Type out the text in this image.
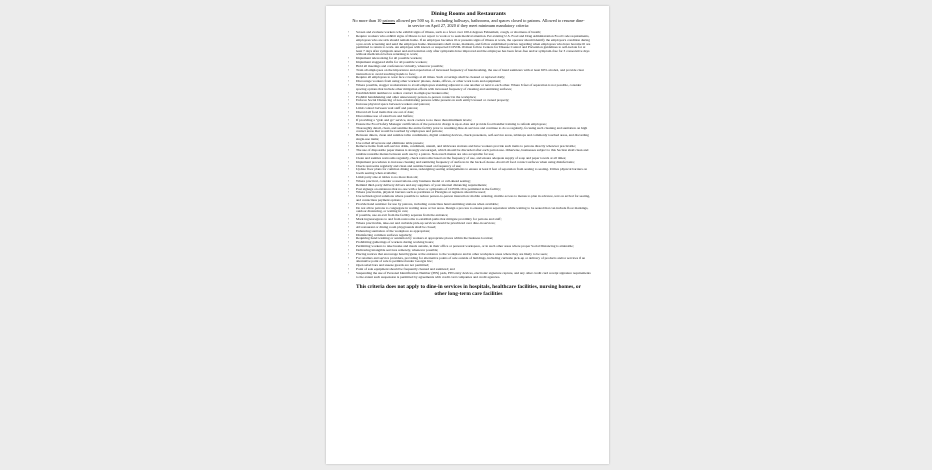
Dining Rooms and Restaurants
No more than 10 patrons allowed per 500 sq. ft. excluding hallways, bathrooms, and spaces closed to patrons. Allowed to resume dine-in service on April 27, 2020 if they meet minimum mandatory criteria:
• Screen and evaluate workers who exhibit signs of illness, such as a fever over 100.4 degrees Fahrenheit, cough, or shortness of breath;
• Require workers who exhibit signs of illness to not report to work or to seek medical attention. Per existing U.S. Food and Drug Administration Food Code requirements, employees who are sick should remain home. If an employee becomes ill or presents signs of illness at work, the operator should identify the employee's condition during a pre-work screening and send the employee home. Restaurants shall create, maintain, and follow established policies regarding when employees who have become ill are permitted to return to work. An employee with known or suspected COVID-19 must follow Centers for Disease Control and Prevention guidelines to self-isolate for at least 7 days after symptom onset and end isolation only after symptoms have improved and the employee has been fever-free and/or symptom-free for 3 consecutive days without medication before returning to work;
• Implement teleworking for all possible workers;
• Implement staggered shifts for all possible workers;
• Hold all meetings and conferences virtually, wherever possible;
• Train all employees on the importance and expectation of increased frequency of handwashing, the use of hand sanitizers with at least 60% alcohol, and provide clear instruction to avoid touching hands to face;
• Require all employees to wear face coverings at all times. Such coverings shall be cleaned or replaced daily;
• Discourage workers from using other workers' phones, desks, offices, or other work tools and equipment;
• Where possible, stagger workstations to avoid employees standing adjacent to one another or next to each other. Where 6 feet of separation is not possible, consider spacing options that include other mitigation efforts with increased frequency of cleaning and sanitizing surfaces;
• Establish limit numbers to reduce contact in employee breakrooms;
• Prohibit handshaking and other unnecessary person-to-person contact in the workplace;
• Enforce Social Distancing of non-cohabitating persons while present on such entity's leased or owned property;
• Increase physical space between workers and patrons;
• Limit contact between wait staff and patrons;
• Discard all food items that are out of date;
• Discontinue use of salad bars and buffets;
• If providing a "grab and go" service, stock coolers to no more than minimum levels;
• Ensure the Food Safety Manager certification of the person in charge is up-to-date and provide food handler training to refresh employees;
• Thoroughly detail, clean, and sanitize the entire facility prior to resuming dine-in services and continue to do so regularly, focusing such cleaning and sanitation on high contact areas that would be touched by employees and patrons;
• Between diners, clean and sanitize table condiments, digital ordering devices, check presenters, self-service areas, tabletops and commonly touched areas, and discarding single-use items;
• Use rolled silverware and eliminate table presets;
• Remove items from self-service drink, condiment, utensil, and tableware stations and have workers provide such items to patrons directly wherever practicable;
• The use of disposable paper menus is strongly encouraged, which should be discarded after each patron use. Otherwise, businesses subject to this Section shall clean and sanitize reusable menus between each use by a patron. Non-touch menus are also acceptable for use;
• Clean and sanitize restrooms regularly, check restrooms based on the frequency of use, and ensure adequate supply of soap and paper towels at all times;
• Implement procedures to increase cleaning and sanitizing frequency of surfaces in the back-of-house. Avoid all food contact surfaces when using disinfectants;
• Check restrooms regularly and clean and sanitize based on frequency of use;
• Update floor plans for common dining areas, redesigning seating arrangements to ensure at least 6 feet of separation from seating to seating. Utilize physical barriers on booth seating when available;
• Limit party size at tables to no more than six;
• Where practical, consider a reservations-only business model or call-ahead seating;
• Remind third-party delivery drivers and any suppliers of your internal distancing requirements;
• Post signage on entrances that no one with a fever or symptoms of COVID-19 is permitted in the facility;
• Where practicable, physical barriers such as partitions or Plexiglas at registers should be used;
• Use technological solutions where possible to reduce person-to-person interaction: mobile ordering, mobile access to menus to plan in advance, text on arrival for seating, and contactless payment options;
• Provide hand sanitizer for use by patrons, including contactless hand sanitizing stations when available;
• Do not allow patrons to congregate in waiting areas or bar areas. Design a process to ensure patron separation while waiting to be seated that can include floor markings, outdoor distancing, or waiting in cars;
• If possible, use an exit from the facility separate from the entrance;
• Mark ingress/egress to and from restrooms to establish paths that mitigate proximity for patrons and staff;
• Where practicable, take-out and curbside pick-up services should be prioritized over dine-in services;
• All restaurant or dining room playgrounds shall be closed;
• Enhancing sanitation of the workplace as appropriate;
• Disinfecting common surfaces regularly;
• Requiring hand washing or sanitation by workers at appropriate places within the business location;
• Prohibiting gatherings of workers during working hours;
• Permitting workers to take breaks and meals outside, in their office or personal workspace, or in such other areas where proper Social Distancing is attainable;
• Delivering intangible services remotely, whenever possible;
• Placing notices that encourage hand hygiene at the entrance to the workplace and in other workplace areas where they are likely to be seen;
• For retailers and service providers, providing for alternative points of sale outside of buildings, including curbside pick-up or delivery of products and/or services if an alternative point of sale is permitted under Georgia law;
• Open salad bars and sneeze guards are not permitted;
• Point of sale equipment should be frequently cleaned and sanitized; and
• Suspending the use of Personal Identification Number (PIN) pads, PIN entry devices, electronic signature capture, and any other credit card receipt signature requirements to the extent such suspension is permitted by agreements with credit card companies and credit agencies.
This criteria does not apply to dine-in services in hospitals, healthcare facilities, nursing homes, or other long-term care facilities
